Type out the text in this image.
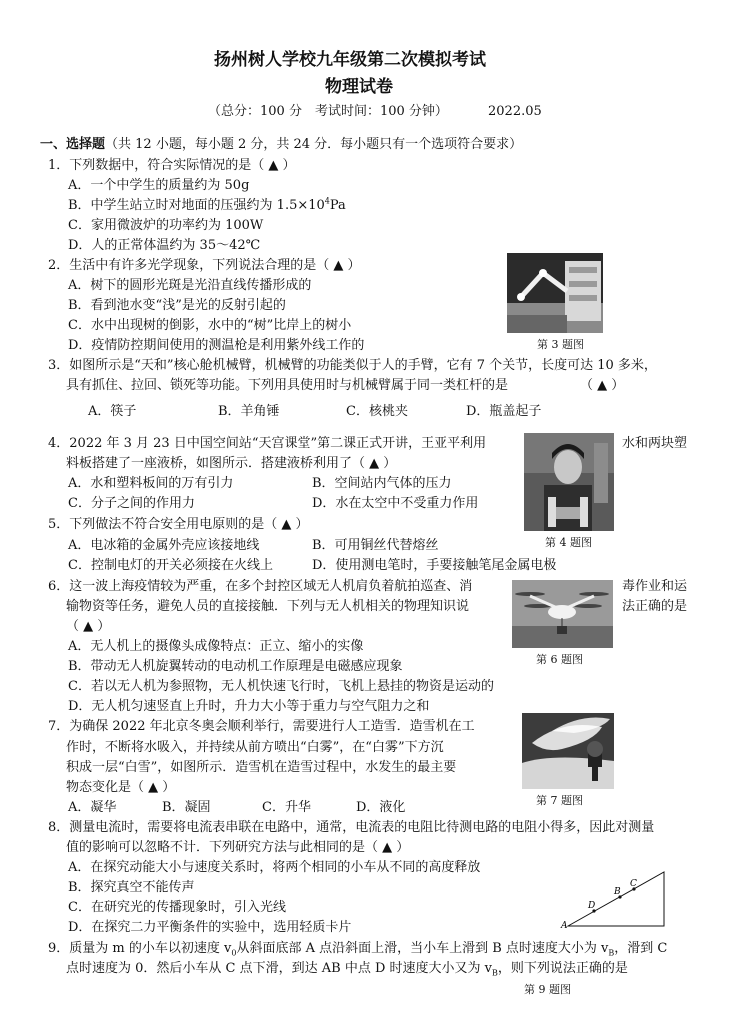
扬州树人学校九年级第二次模拟考试
物理试卷
（总分：100 分　考试时间：100 分钟）	2022.05
一、选择题（共 12 小题，每小题 2 分，共 24 分．每小题只有一个选项符合要求）
1．下列数据中，符合实际情况的是（ ▲ ）
A．一个中学生的质量约为 50g
B．中学生站立时对地面的压强约为 $1.5\times 10^4Pa$
C．家用微波炉的功率约为 100W
D．人的正常体温约为 35～42℃
2．生活中有许多光学现象，下列说法合理的是（ ▲ ）
A．树下的圆形光斑是光沿直线传播形成的
B．看到池水变“浅”是光的反射引起的
C．水中出现树的倒影，水中的“树”比岸上的树小
D．疫情防控期间使用的测温枪是利用紫外线工作的	第 3 题图
3．如图所示是“天和”核心舱机械臂，机械臂的功能类似于人的手臂，它有 7 个关节，长度可达 10 多米，
具有抓住、拉回、锁死等功能。下列用具使用时与机械臂属于同一类杠杆的是	（ ▲ ）
A．筷子	B．羊角锤	C．核桃夹	D．瓶盖起子
4．2022 年 3 月 23 日中国空间站“天宫课堂”第二课正式开讲，王亚平利用	水和两块塑
料板搭建了一座液桥，如图所示．搭建液桥利用了（ ▲ ）
A．水和塑料板间的万有引力	B．空间站内气体的压力
C．分子之间的作用力	D．水在太空中不受重力作用
第 4 题图
5．下列做法不符合安全用电原则的是（ ▲ ）
A．电冰箱的金属外壳应该接地线	B．可用铜丝代替熔丝
C．控制电灯的开关必须接在火线上	D．使用测电笔时，手要接触笔尾金属电极
6．这一波上海疫情较为严重，在多个封控区域无人机肩负着航拍巡查、消	毒作业和运
输物资等任务，避免人员的直接接触．下列与无人机相关的物理知识说	法正确的是
（ ▲ ）
A．无人机上的摄像头成像特点：正立、缩小的实像
B．带动无人机旋翼转动的电动机工作原理是电磁感应现象
C．若以无人机为参照物，无人机快速飞行时，飞机上悬挂的物资是运动的
D．无人机匀速竖直上升时，升力大小等于重力与空气阻力之和
第 6 题图
7．为确保 2022 年北京冬奥会顺利举行，需要进行人工造雪．造雪机在工
作时，不断将水吸入，并持续从前方喷出“白雾”，在“白雾”下方沉
积成一层“白雪”，如图所示．造雪机在造雪过程中，水发生的最主要
物态变化是（ ▲ ）
A．凝华	B．凝固	C．升华	D．液化	第 7 题图
8．测量电流时，需要将电流表串联在电路中，通常，电流表的电阻比待测电路的电阻小得多，因此对测量
值的影响可以忽略不计．下列研究方法与此相同的是（ ▲ ）
A．在探究动能大小与速度关系时，将两个相同的小车从不同的高度释放
B．探究真空不能传声
C．在研究光的传播现象时，引入光线
D．在探究二力平衡条件的实验中，选用轻质卡片	A
D
B
C
9．质量为 m 的小车以初速度 $v_0$从斜面底部 A 点沿斜面上滑，当小车上滑到 B 点时速度大小为 $v_B$，滑到 C
点时速度为 0．然后小车从 C 点下滑，到达 AB 中点 D 时速度大小又为 $v_B$，则下列说法正确的是
第 9 题图
